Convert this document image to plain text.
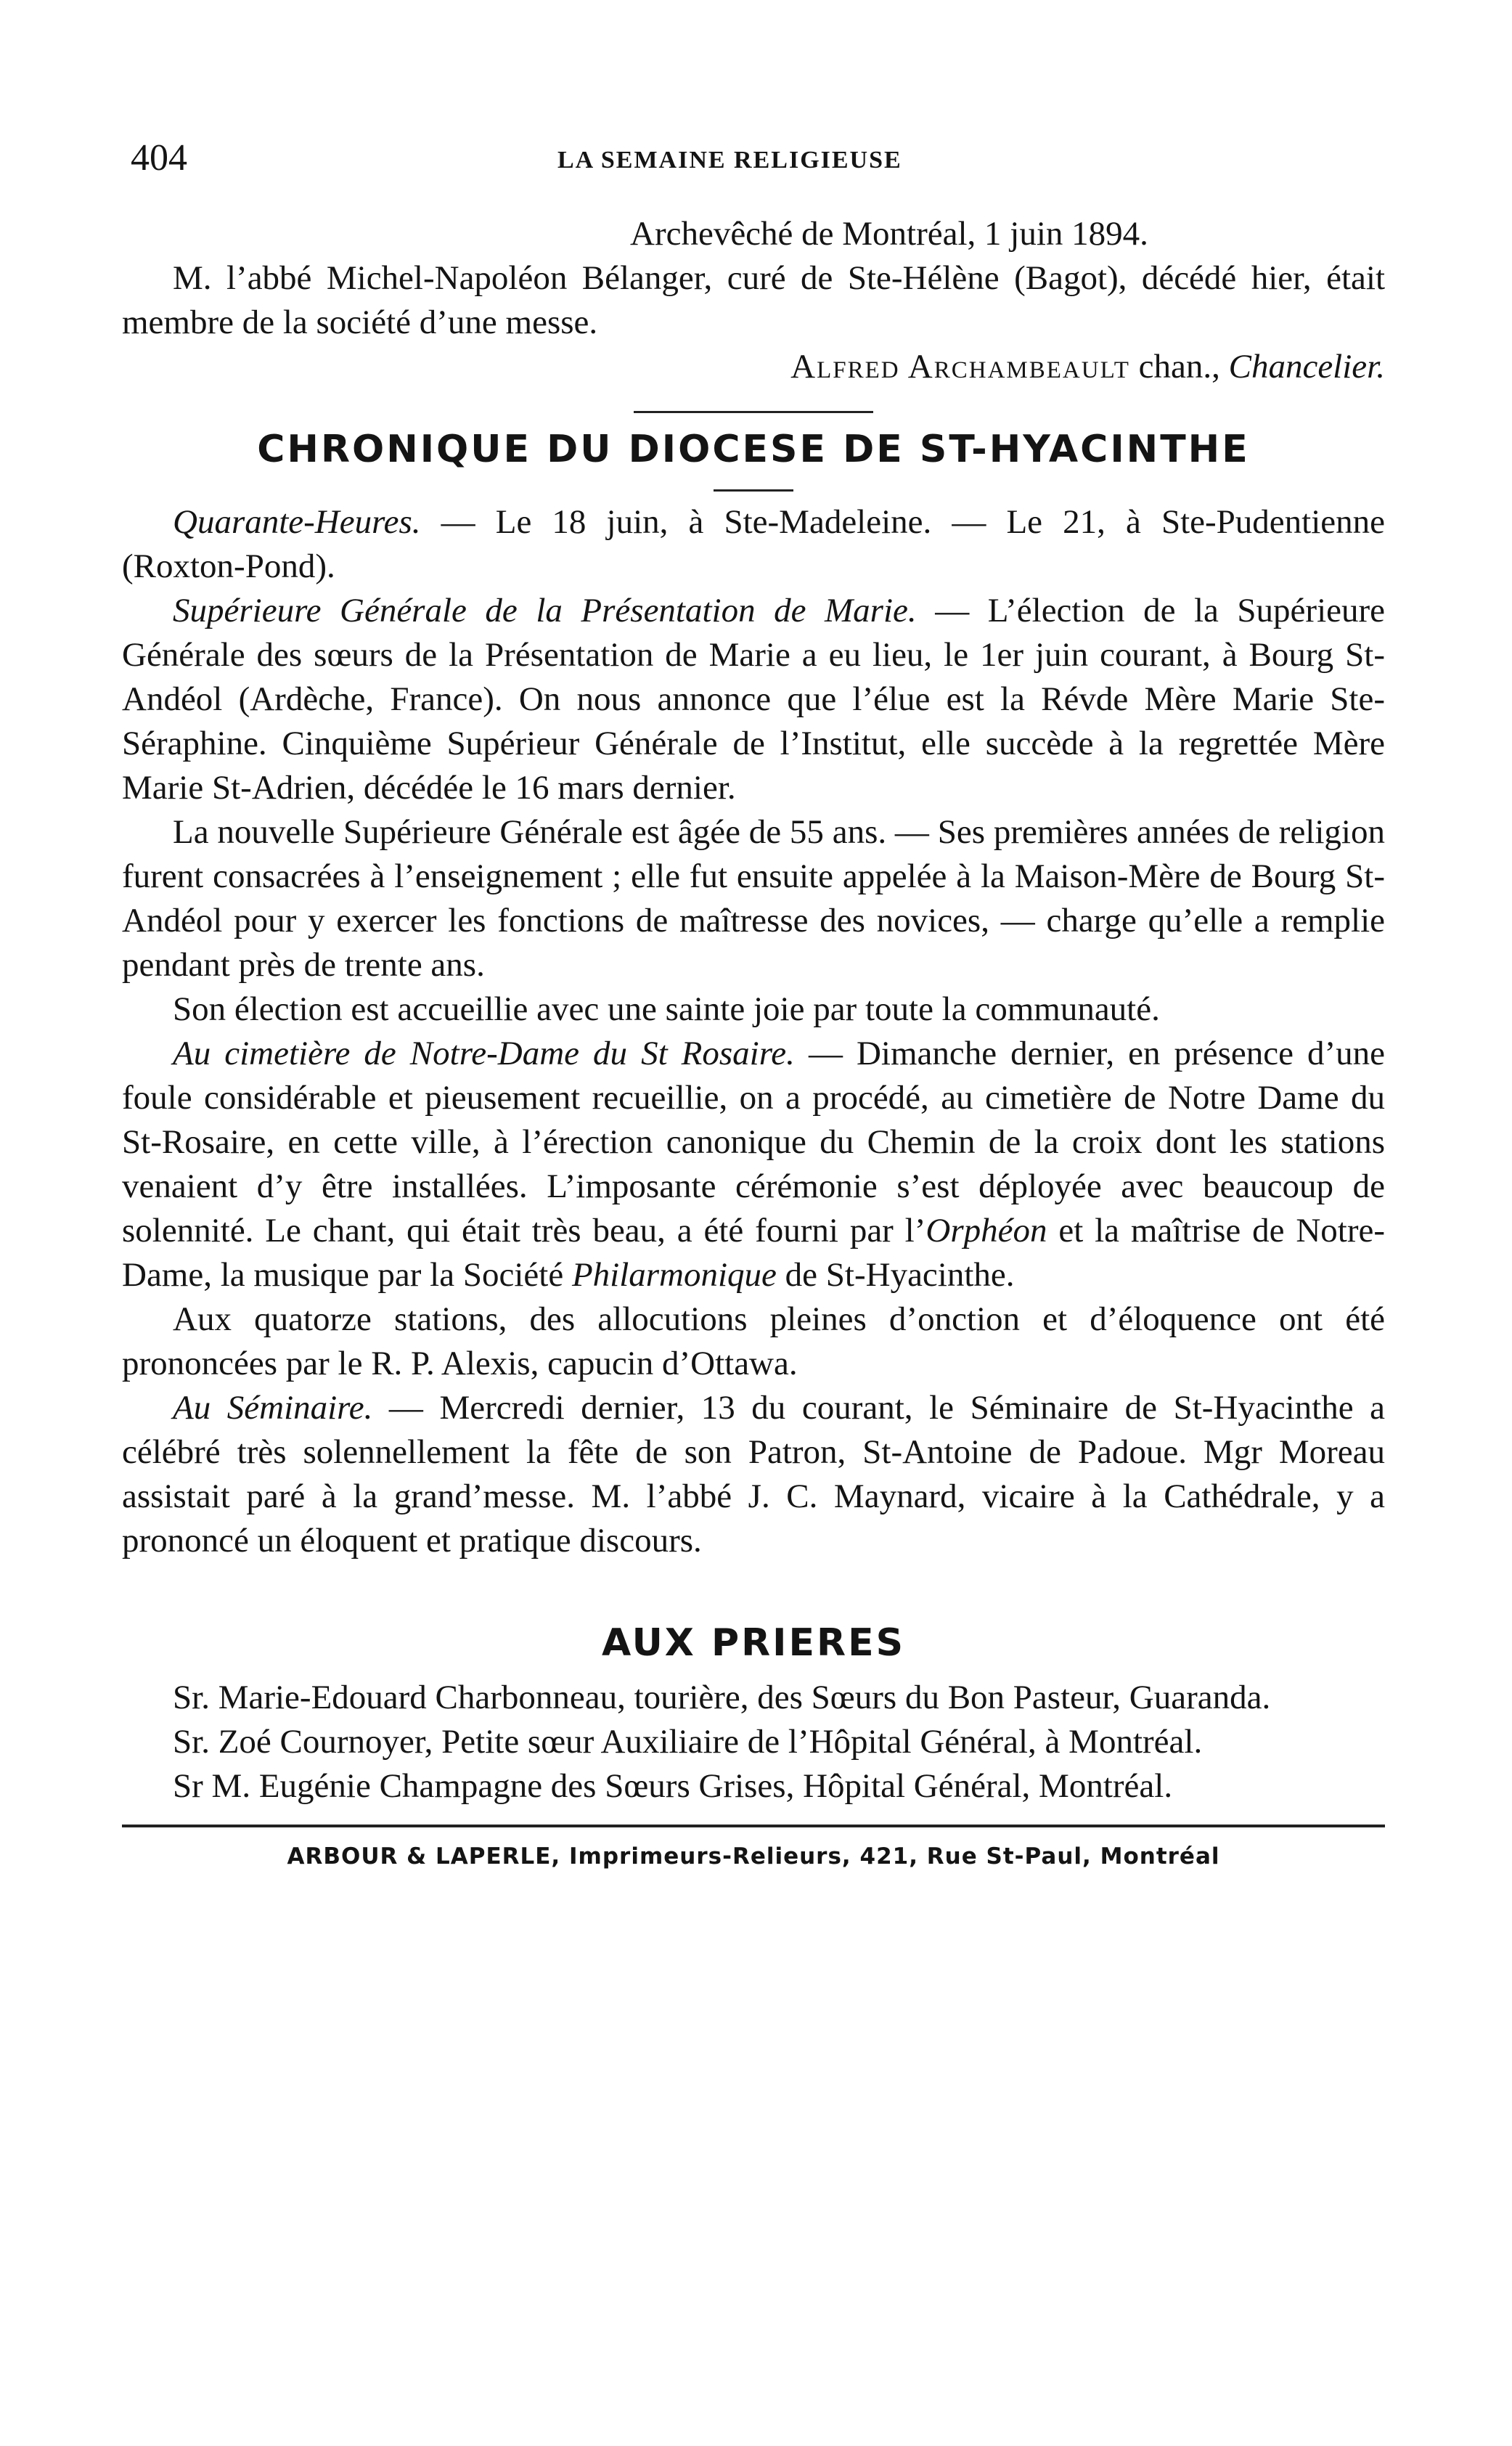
404	LA SEMAINE RELIGIEUSE

Archevêché de Montréal, 1 juin 1894.

M. l’abbé Michel-Napoléon Bélanger, curé de Ste-Hélène (Bagot), décédé hier, était membre de la société d’une messe.

Alfred Archambeault chan., Chancelier.

CHRONIQUE DU DIOCESE DE ST-HYACINTHE

Quarante-Heures. — Le 18 juin, à Ste-Madeleine. — Le 21, à Ste-Pudentienne (Roxton-Pond).

Supérieure Générale de la Présentation de Marie. — L’élection de la Supérieure Générale des sœurs de la Présentation de Marie a eu lieu, le 1er juin courant, à Bourg St-Andéol (Ardèche, France). On nous annonce que l’élue est la Révde Mère Marie Ste-Séraphine. Cinquième Supérieur Générale de l’Institut, elle succède à la regrettée Mère Marie St-Adrien, décédée le 16 mars dernier.

La nouvelle Supérieure Générale est âgée de 55 ans. — Ses premières années de religion furent consacrées à l’enseignement ; elle fut ensuite appelée à la Maison-Mère de Bourg St-Andéol pour y exercer les fonctions de maîtresse des novices, — charge qu’elle a remplie pendant près de trente ans.

Son élection est accueillie avec une sainte joie par toute la communauté.

Au cimetière de Notre-Dame du St Rosaire. — Dimanche dernier, en présence d’une foule considérable et pieusement recueillie, on a procédé, au cimetière de Notre Dame du St-Rosaire, en cette ville, à l’érection canonique du Chemin de la croix dont les stations venaient d’y être installées. L’imposante cérémonie s’est déployée avec beaucoup de solennité. Le chant, qui était très beau, a été fourni par l’Orphéon et la maîtrise de Notre-Dame, la musique par la Société Philarmonique de St-Hyacinthe.

Aux quatorze stations, des allocutions pleines d’onction et d’éloquence ont été prononcées par le R. P. Alexis, capucin d’Ottawa.

Au Séminaire. — Mercredi dernier, 13 du courant, le Séminaire de St-Hyacinthe a célébré très solennellement la fête de son Patron, St-Antoine de Padoue. Mgr Moreau assistait paré à la grand’messe. M. l’abbé J. C. Maynard, vicaire à la Cathédrale, y a prononcé un éloquent et pratique discours.

AUX PRIERES

Sr. Marie-Edouard Charbonneau, tourière, des Sœurs du Bon Pasteur, Guaranda.

Sr. Zoé Cournoyer, Petite sœur Auxiliaire de l’Hôpital Général, à Montréal.

Sr M. Eugénie Champagne des Sœurs Grises, Hôpital Général, Montréal.

ARBOUR & LAPERLE, Imprimeurs-Relieurs, 421, Rue St-Paul, Montréal
